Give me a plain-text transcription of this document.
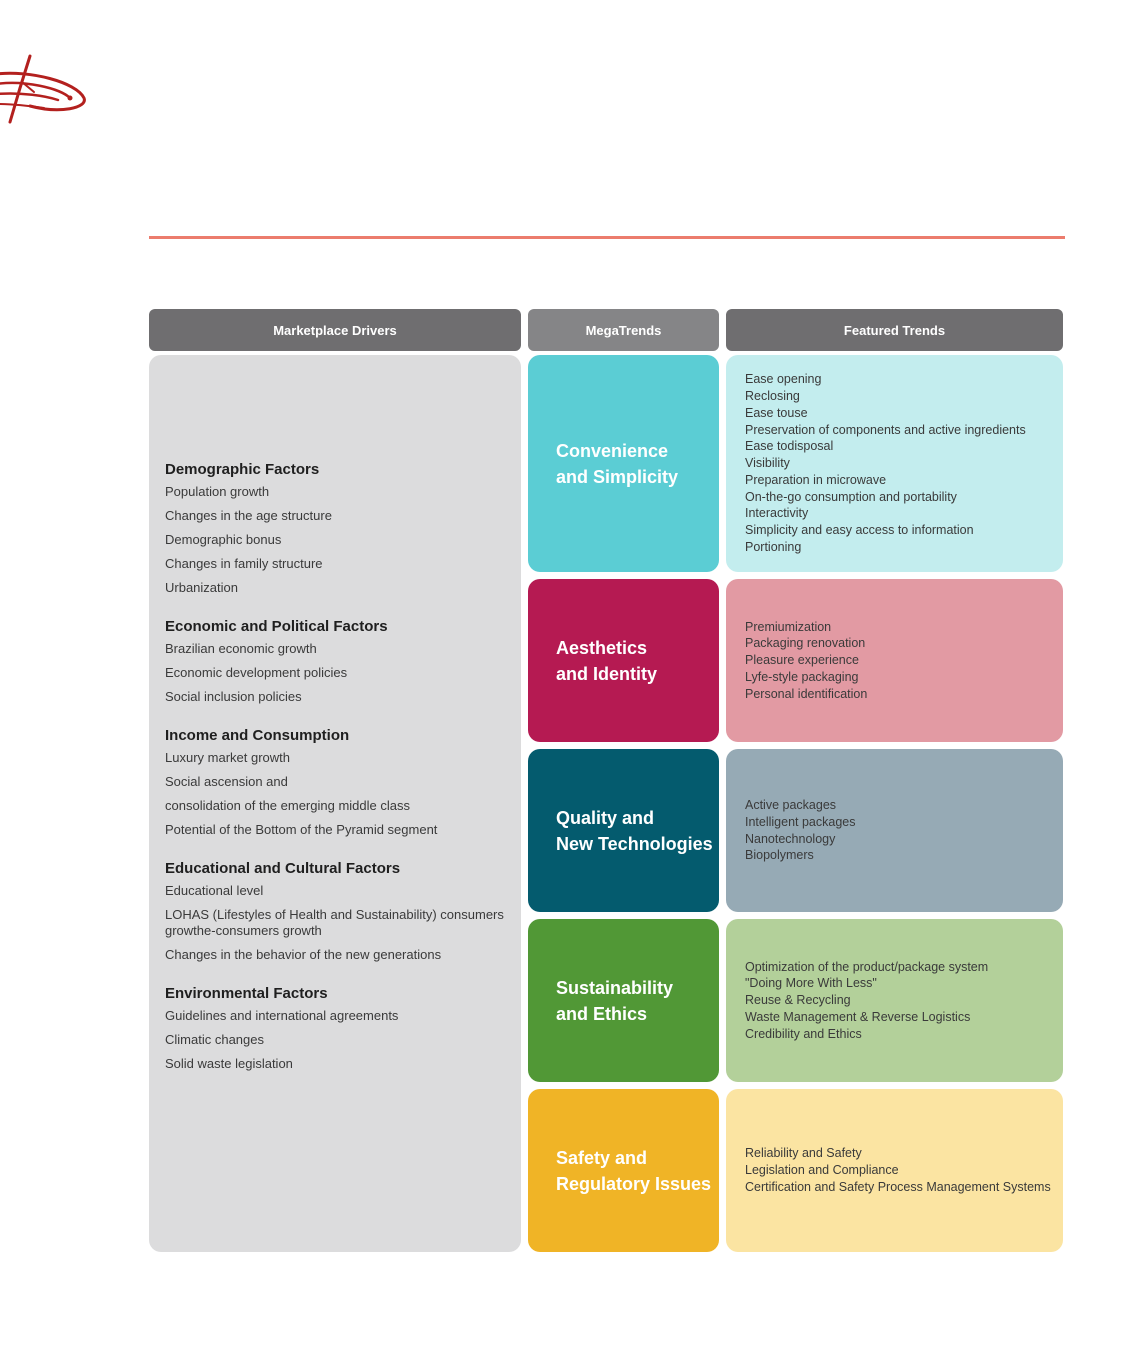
Marketplace Drivers	MegaTrends	Featured Trends
Demographic Factors
Population growth
Changes in the age structure
Demographic bonus
Changes in family structure
Urbanization
Economic and Political Factors
Brazilian economic growth
Economic development policies
Social inclusion policies
Income and Consumption
Luxury market growth
Social ascension and
consolidation of the emerging middle class
Potential of the Bottom of the Pyramid segment
Educational and Cultural Factors
Educational level
LOHAS (Lifestyles of Health and Sustainability) consumers growthe-consumers growth
Changes in the behavior of the new generations
Environmental Factors
Guidelines and international agreements
Climatic changes
Solid waste legislation
Convenience
and Simplicity
Ease opening
Reclosing
Ease touse
Preservation of components and active ingredients
Ease todisposal
Visibility
Preparation in microwave
On-the-go consumption and portability
Interactivity
Simplicity and easy access to information
Portioning
Aesthetics
and Identity
Premiumization
Packaging renovation
Pleasure experience
Lyfe-style packaging
Personal identification
Quality and
New Technologies
Active packages
Intelligent packages
Nanotechnology
Biopolymers
Sustainability
and Ethics
Optimization of the product/package system
"Doing More With Less"
Reuse & Recycling
Waste Management & Reverse Logistics
Credibility and Ethics
Safety and
Regulatory Issues
Reliability and Safety
Legislation and Compliance
Certification and Safety Process Management Systems
